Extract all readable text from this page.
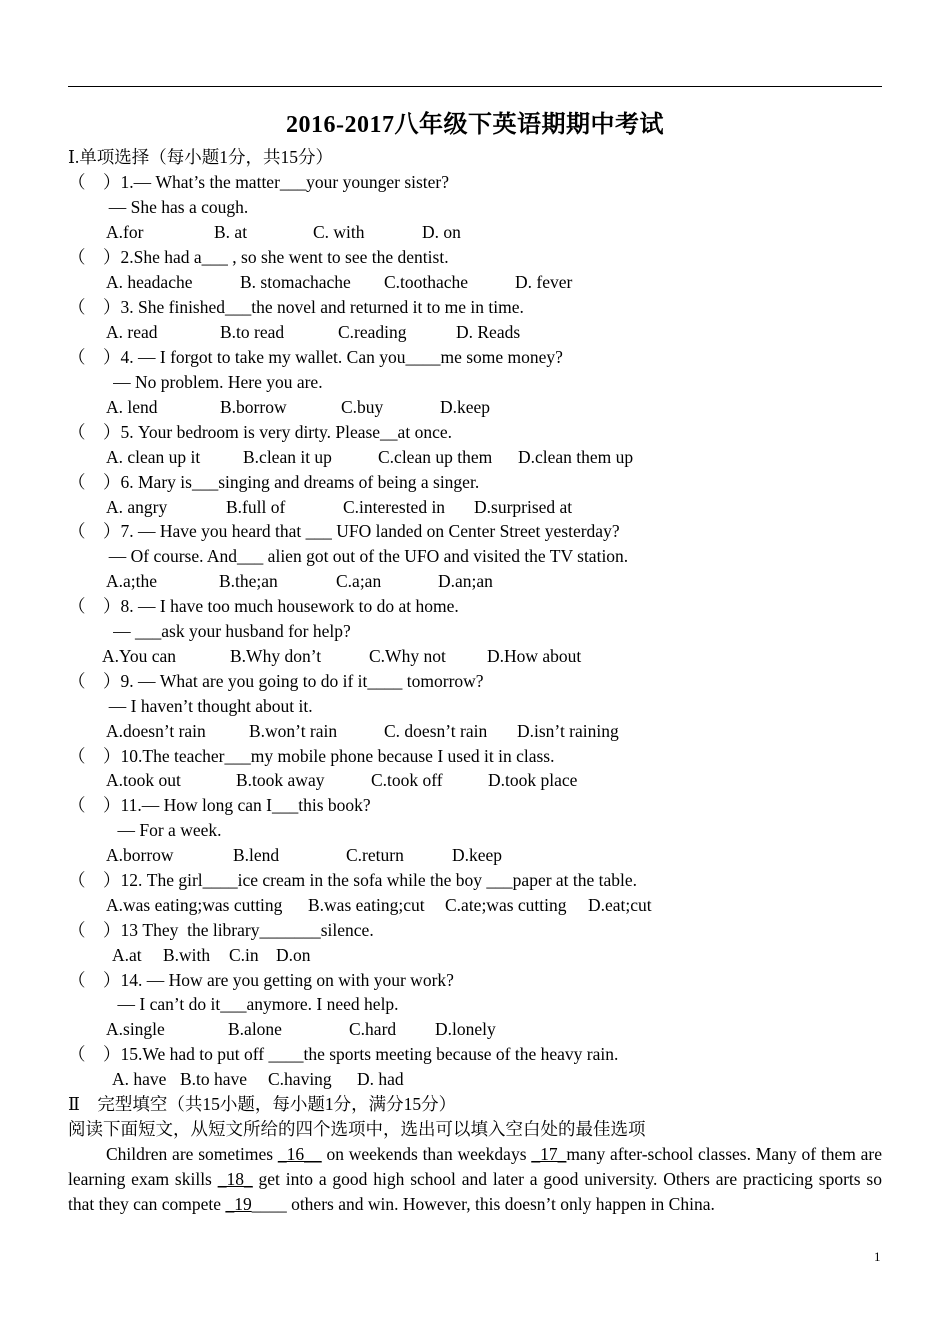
2016-2017八年级下英语期期中考试
Ⅰ.单项选择（每小题1分，共15分）
（    ）1.— What’s the matter___your younger sister?
— She has a cough.
A.for	B. at	C. with	D. on
（    ）2.She had a___ , so she went to see the dentist.
A. headache	B. stomachache C.toothache	D. fever
（    ）3. She finished___the novel and returned it to me in time.
A. read	B.to read	C.reading	D. Reads
（    ）4. — I forgot to take my wallet. Can you____me some money?
— No problem. Here you are.
A. lend	B.borrow	C.buy	D.keep
（    ）5. Your bedroom is very dirty. Please__at once.
A. clean up it B.clean it up	C.clean up them D.clean them up
（    ）6. Mary is___singing and dreams of being a singer.
A. angry	B.full of	C.interested in D.surprised at
（    ）7. — Have you heard that ___ UFO landed on Center Street yesterday?
— Of course. And___ alien got out of the UFO and visited the TV station.
A.a;the	B.the;an	C.a;an	D.an;an
（    ）8. — I have too much housework to do at home.
— ___ask your husband for help?
A.You can	B.Why don’t	C.Why not D.How about
（    ）9. — What are you going to do if it____ tomorrow?
— I haven’t thought about it.
A.doesn’t rain B.won’t rain	C. doesn’t rain D.isn’t raining
（    ）10.The teacher___my mobile phone because I used it in class.
A.took out	B.took away	C.took off	D.took place
（    ）11.— How long can I___this book?
— For a week.
A.borrow	B.lend	C.return	D.keep
（    ）12. The girl____ice cream in the sofa while the boy ___paper at the table.
A.was eating;was cutting B.was eating;cut C.ate;was cutting D.eat;cut
（    ）13 They  the library_______silence.
A.at B.with C.in D.on
（    ）14. — How are you getting on with your work?
— I can’t do it___anymore. I need help.
A.single	B.alone	C.hard D.lonely
（    ）15.We had to put off ____the sports meeting because of the heavy rain.
A. have B.to have C.having D. had
Ⅱ    完型填空（共15小题，每小题1分，满分15分）
阅读下面短文，从短文所给的四个选项中，选出可以填入空白处的最佳选项
Children are sometimes _16__ on weekends than weekdays _17_many after-school classes. Many of them are learning exam skills _18_ get into a good high school and later a good university. Others are practicing sports so that they can compete _19____ others and win. However, this doesn’t only happen in China.
1
